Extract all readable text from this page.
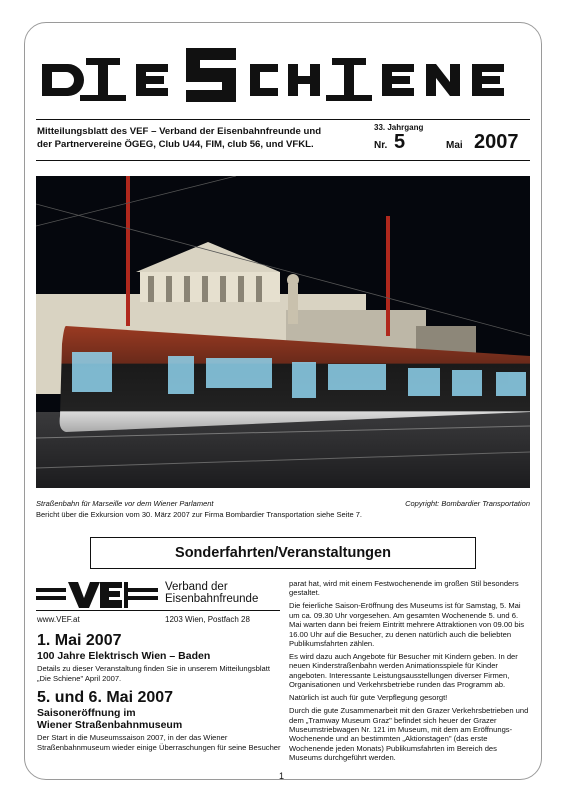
Mitteilungsblatt des VEF – Verband der Eisenbahnfreunde und
der Partnervereine ÖGEG, Club U44, FIM, club 56, und VFKL.
33. Jahrgang
Nr. 5	Mai 2007
Straßenbahn für Marseille vor dem Wiener Parlament	Copyright: Bombardier Transportation
Bericht über die Exkursion vom 30. März 2007 zur Firma Bombardier Transportation siehe Seite 7.
Sonderfahrten/Veranstaltungen
Verband der
Eisenbahnfreunde
www.VEF.at	1203 Wien, Postfach 28

1. Mai 2007

100 Jahre Elektrisch Wien – Baden

Details zu dieser Veranstaltung finden Sie in unserem Mitteilungsblatt „Die Schiene" April 2007.

5. und 6. Mai 2007

Saisoneröffnung im

Wiener Straßenbahnmuseum

Der Start in die Museumssaison 2007, in der das Wiener Straßenbahnmuseum wieder einige Überraschungen für seine Besucher

parat hat, wird mit einem Festwochenende im großen Stil besonders gestaltet.

Die feierliche Saison-Eröffnung des Museums ist für Samstag, 5. Mai um ca. 09.30 Uhr vorgesehen. Am gesamten Wochenende 5. und 6. Mai warten dann bei freiem Eintritt mehrere Attraktionen von 09.00 bis 16.00 Uhr auf die Besucher, zu denen natürlich auch die beliebten Publikumsfahrten zählen.

Es wird dazu auch Angebote für Besucher mit Kindern geben. In der neuen Kinderstraßenbahn werden Animationsspiele für Kinder angeboten. Interessante Leistungsausstellungen diverser Firmen, Organisationen und Verkehrsbetriebe runden das Programm ab.

Natürlich ist auch für gute Verpflegung gesorgt!

Durch die gute Zusammenarbeit mit den Grazer Verkehrsbetrieben und dem „Tramway Museum Graz" befindet sich heuer der Grazer Museumstriebwagen Nr. 121 im Museum, mit dem am Eröffnungs-Wochenende und an bestimmten „Aktionstagen" (das erste Wochenende jeden Monats) Publikumsfahrten im Bereich des Museums durchgeführt werden.

1
